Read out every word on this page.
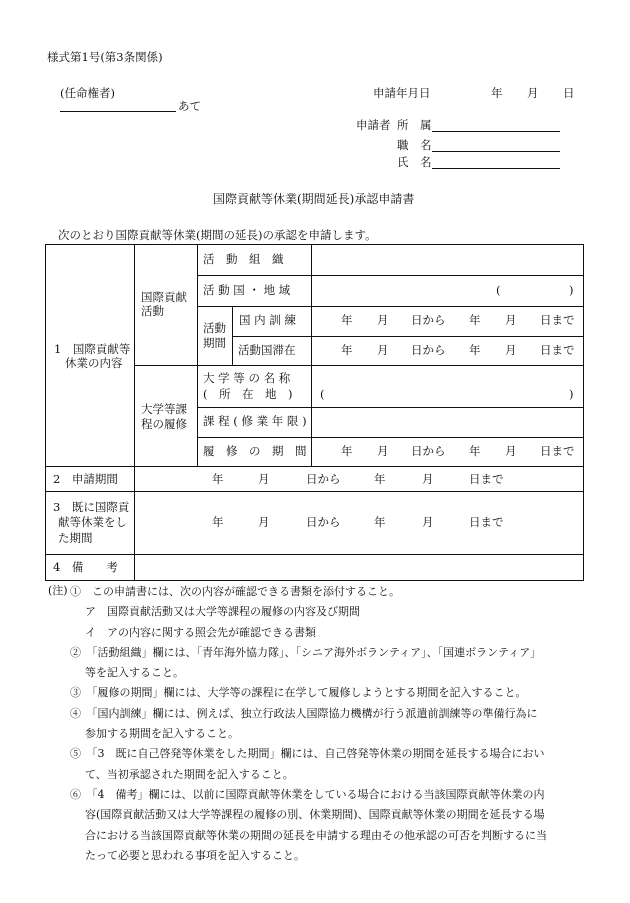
様式第1号(第3条関係)
(任命権者)
あて
申請年月日	年 月 日
申請者 所　属
職　名
氏　名
国際貢献等休業(期間延長)承認申請書
次のとおり国際貢献等休業(期間の延長)の承認を申請します。
1　国際貢献等
休業の内容
国際貢献
活動
活　動　組　織
活 動 国 ・ 地 域	(	)
活動
期間
国 内 訓 練	年 月 日から 年 月 日まで
活動国滞在	年 月 日から 年 月 日まで
大学等課
程の履修
大 学 等 の 名 称
(　所　在　地　) (	)
課 程 ( 修 業 年 限 )
履　修　の　期　間	年 月 日から 年 月 日まで
2　申請期間	年	月	日から	年	月	日まで
3　既に国際貢
献等休業をし
た期間
年	月	日から	年	月	日まで
4　備　　考
(注) ①　この申請書には、次の内容が確認できる書類を添付すること。
ア　国際貢献活動又は大学等課程の履修の内容及び期間
イ　アの内容に関する照会先が確認できる書類
②　「活動組織」欄には、「青年海外協力隊」、「シニア海外ボランティア」、「国連ボランティア」
等を記入すること。
③　「履修の期間」欄には、大学等の課程に在学して履修しようとする期間を記入すること。
④　「国内訓練」欄には、例えば、独立行政法人国際協力機構が行う派遣前訓練等の準備行為に
参加する期間を記入すること。
⑤　「3　既に自己啓発等休業をした期間」欄には、自己啓発等休業の期間を延長する場合におい
て、当初承認された期間を記入すること。
⑥　「4　備考」欄には、以前に国際貢献等休業をしている場合における当該国際貢献等休業の内
容(国際貢献活動又は大学等課程の履修の別、休業期間)、国際貢献等休業の期間を延長する場
合における当該国際貢献等休業の期間の延長を申請する理由その他承認の可否を判断するに当
たって必要と思われる事項を記入すること。
